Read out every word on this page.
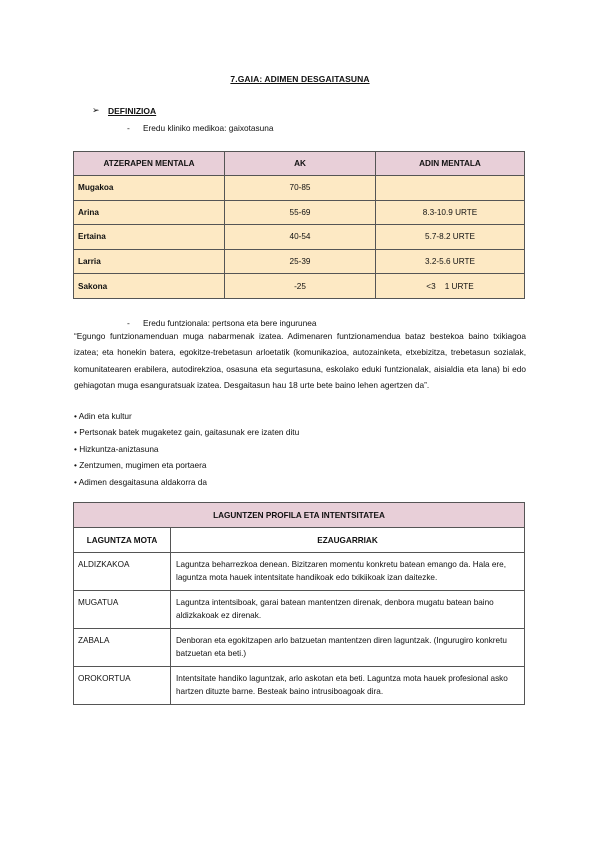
7.GAIA: ADIMEN DESGAITASUNA
➢ DEFINIZIOA
- Eredu kliniko medikoa: gaixotasuna
ATZERAPEN MENTALA	AK	ADIN MENTALA
Mugakoa	70-85	
Arina	55-69	8.3-10.9 URTE
Ertaina	40-54	5.7-8.2 URTE
Larria	25-39	3.2-5.6 URTE
Sakona	-25	<3    1 URTE
- Eredu funtzionala: pertsona eta bere ingurunea
“Egungo funtzionamenduan muga nabarmenak izatea. Adimenaren funtzionamendua bataz bestekoa baino txikiagoa izatea; eta honekin batera, egokitze-trebetasun arloetatik (komunikazioa, autozainketa, etxebizitza, trebetasun sozialak, komunitatearen erabilera, autodirekzioa, osasuna eta segurtasuna, eskolako eduki funtzionalak, aisialdia eta lana) bi edo gehiagotan muga esanguratsuak izatea. Desgaitasun hau 18 urte bete baino lehen agertzen da”.
• Adin eta kultur
• Pertsonak batek mugaketez gain, gaitasunak ere izaten ditu
• Hizkuntza-aniztasuna
• Zentzumen, mugimen eta portaera
• Adimen desgaitasuna aldakorra da
LAGUNTZEN PROFILA ETA INTENTSITATEA	
LAGUNTZA MOTA	EZAUGARRIAK
ALDIZKAKOA	Laguntza beharrezkoa denean. Bizitzaren momentu konkretu batean emango da. Hala ere, laguntza mota hauek intentsitate handikoak edo txikiikoak izan daitezke.
MUGATUA	Laguntza intentsiboak, garai batean mantentzen direnak, denbora mugatu batean baino aldizkakoak ez direnak.
ZABALA	Denboran eta egokitzapen arlo batzuetan mantentzen diren laguntzak. (Ingurugiro konkretu batzuetan eta beti.)
OROKORTUA	Intentsitate handiko laguntzak, arlo askotan eta beti. Laguntza mota hauek profesional asko hartzen dituzte barne. Besteak baino intrusiboagoak dira.
